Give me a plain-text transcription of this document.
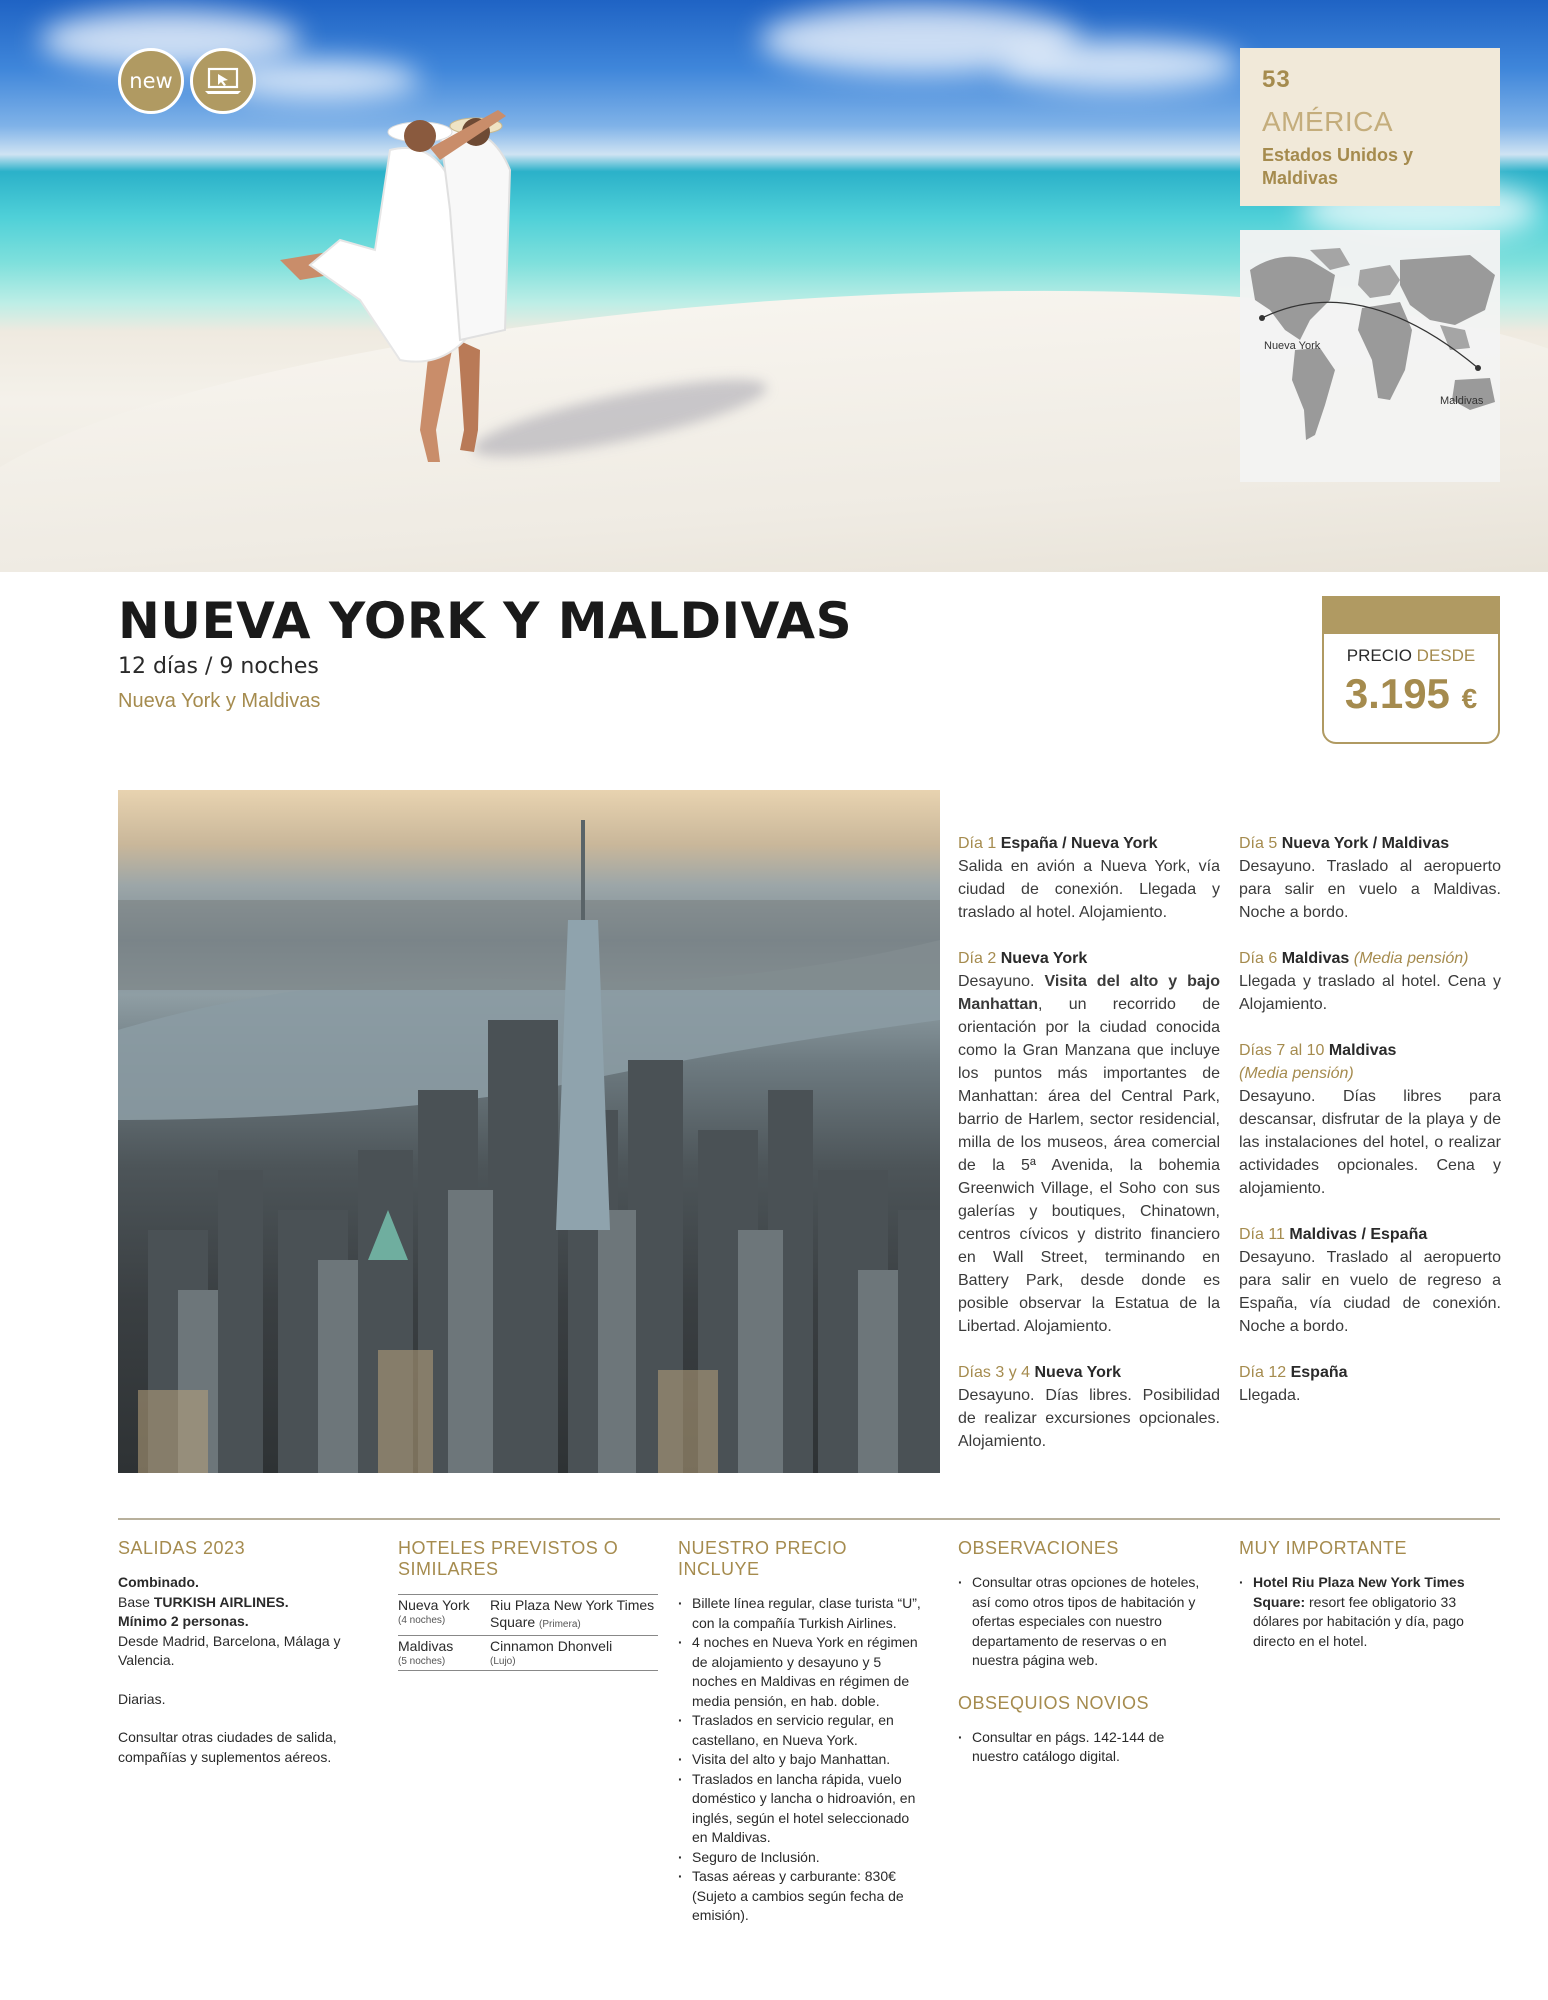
new	53
AMÉRICA
Estados Unidos y Maldivas
Nueva York
Maldivas
NUEVA YORK Y MALDIVAS
12 días / 9 noches
Nueva York y Maldivas
PRECIO DESDE
3.195 €
Día 1 España / Nueva York
Salida en avión a Nueva York, vía ciudad de conexión. Llegada y traslado al hotel. Alojamiento.
Día 2 Nueva York
Desayuno. Visita del alto y bajo Manhattan, un recorrido de orientación por la ciudad conocida como la Gran Manzana que incluye los puntos más importantes de Manhattan: área del Central Park, barrio de Harlem, sector residencial, milla de los museos, área comercial de la 5ª Avenida, la bohemia Greenwich Village, el Soho con sus galerías y boutiques, Chinatown, centros cívicos y distrito financiero en Wall Street, terminando en Battery Park, desde donde es posible observar la Estatua de la Libertad. Alojamiento.
Días 3 y 4 Nueva York
Desayuno. Días libres. Posibilidad de realizar excursiones opcionales. Alojamiento.
Día 5 Nueva York / Maldivas
Desayuno. Traslado al aeropuerto para salir en vuelo a Maldivas. Noche a bordo.
Día 6 Maldivas (Media pensión)
Llegada y traslado al hotel. Cena y Alojamiento.
Días 7 al 10 Maldivas
(Media pensión)
Desayuno. Días libres para descansar, disfrutar de la playa y de las instalaciones del hotel, o realizar actividades opcionales. Cena y alojamiento.
Día 11 Maldivas / España
Desayuno. Traslado al aeropuerto para salir en vuelo de regreso a España, vía ciudad de conexión. Noche a bordo.
Día 12 España
Llegada.
SALIDAS 2023
Combinado.
Base TURKISH AIRLINES.
Mínimo 2 personas.
Desde Madrid, Barcelona, Málaga y Valencia.
Diarias.
Consultar otras ciudades de salida, compañías y suplementos aéreos.
HOTELES PREVISTOS O SIMILARES
Nueva York
(4 noches)
Riu Plaza New York Times Square (Primera)
Maldivas
(5 noches)
Cinnamon Dhonveli
(Lujo)
NUESTRO PRECIO INCLUYE
· Billete línea regular, clase turista “U”, con la compañía Turkish Airlines.
· 4 noches en Nueva York en régimen de alojamiento y desayuno y 5 noches en Maldivas en régimen de media pensión, en hab. doble.
· Traslados en servicio regular, en castellano, en Nueva York.
· Visita del alto y bajo Manhattan.
· Traslados en lancha rápida, vuelo doméstico y lancha o hidroavión, en inglés, según el hotel seleccionado en Maldivas.
· Seguro de Inclusión.
· Tasas aéreas y carburante: 830€ (Sujeto a cambios según fecha de emisión).
OBSERVACIONES
· Consultar otras opciones de hoteles, así como otros tipos de habitación y ofertas especiales con nuestro departamento de reservas o en nuestra página web.
OBSEQUIOS NOVIOS
· Consultar en págs. 142-144 de nuestro catálogo digital.
MUY IMPORTANTE
· Hotel Riu Plaza New York Times Square: resort fee obligatorio 33 dólares por habitación y día, pago directo en el hotel.
